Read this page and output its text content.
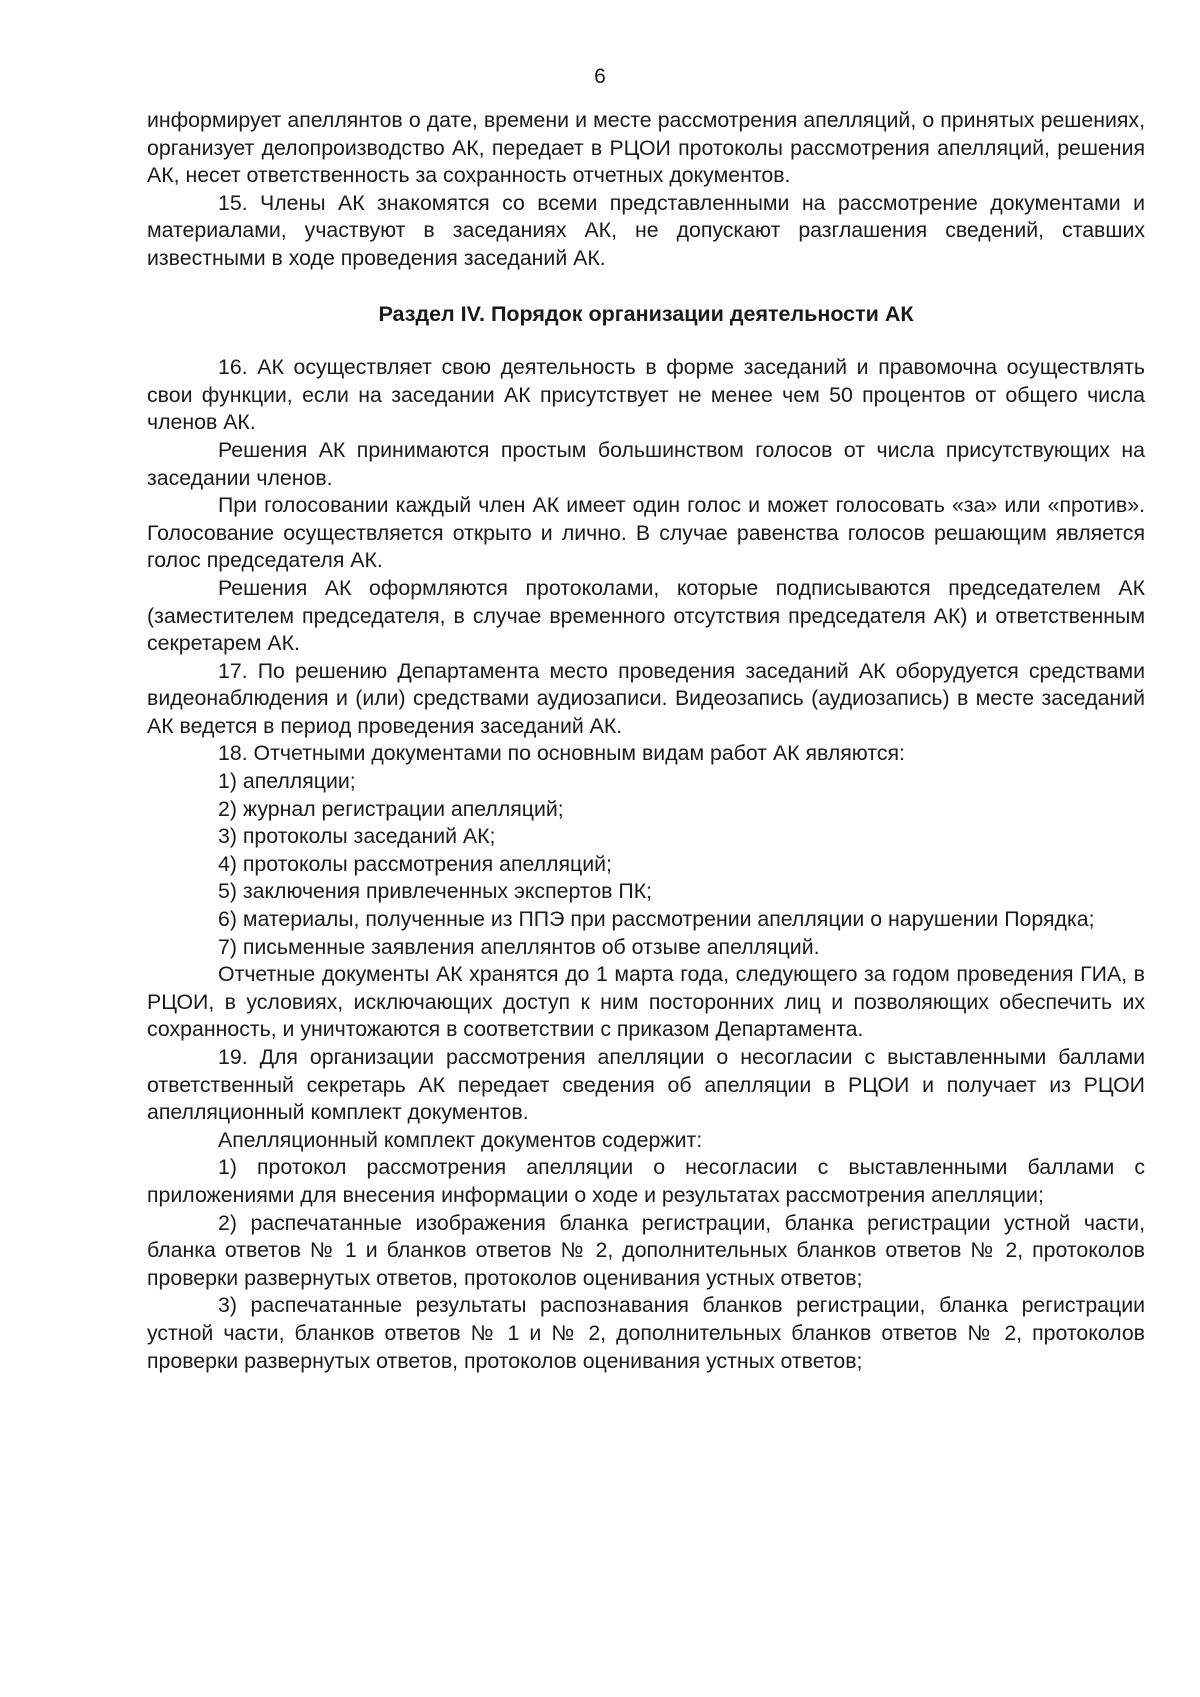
6

информирует апеллянтов о дате, времени и месте рассмотрения апелляций, о принятых решениях, организует делопроизводство АК, передает в РЦОИ протоколы рассмотрения апелляций, решения АК, несет ответственность за сохранность отчетных документов.

15. Члены АК знакомятся со всеми представленными на рассмотрение документами и материалами, участвуют в заседаниях АК, не допускают разглашения сведений, ставших известными в ходе проведения заседаний АК.

Раздел IV. Порядок организации деятельности АК

16. АК осуществляет свою деятельность в форме заседаний и правомочна осуществлять свои функции, если на заседании АК присутствует не менее чем 50 процентов от общего числа членов АК.

Решения АК принимаются простым большинством голосов от числа присутствующих на заседании членов.

При голосовании каждый член АК имеет один голос и может голосовать «за» или «против». Голосование осуществляется открыто и лично. В случае равенства голосов решающим является голос председателя АК.

Решения АК оформляются протоколами, которые подписываются председателем АК (заместителем председателя, в случае временного отсутствия председателя АК) и ответственным секретарем АК.

17. По решению Департамента место проведения заседаний АК оборудуется средствами видеонаблюдения и (или) средствами аудиозаписи. Видеозапись (аудиозапись) в месте заседаний АК ведется в период проведения заседаний АК.

18. Отчетными документами по основным видам работ АК являются:

1) апелляции;

2) журнал регистрации апелляций;

3) протоколы заседаний АК;

4) протоколы рассмотрения апелляций;

5) заключения привлеченных экспертов ПК;

6) материалы, полученные из ППЭ при рассмотрении апелляции о нарушении Порядка;

7) письменные заявления апеллянтов об отзыве апелляций.

Отчетные документы АК хранятся до 1 марта года, следующего за годом проведения ГИА, в РЦОИ, в условиях, исключающих доступ к ним посторонних лиц и позволяющих обеспечить их сохранность, и уничтожаются в соответствии с приказом Департамента.

19. Для организации рассмотрения апелляции о несогласии с выставленными баллами ответственный секретарь АК передает сведения об апелляции в РЦОИ и получает из РЦОИ апелляционный комплект документов.

Апелляционный комплект документов содержит:

1) протокол рассмотрения апелляции о несогласии с выставленными баллами с приложениями для внесения информации о ходе и результатах рассмотрения апелляции;

2) распечатанные изображения бланка регистрации, бланка регистрации устной части, бланка ответов № 1 и бланков ответов № 2, дополнительных бланков ответов № 2, протоколов проверки развернутых ответов, протоколов оценивания устных ответов;

3) распечатанные результаты распознавания бланков регистрации, бланка регистрации устной части, бланков ответов № 1 и № 2, дополнительных бланков ответов № 2, протоколов проверки развернутых ответов, протоколов оценивания устных ответов;
